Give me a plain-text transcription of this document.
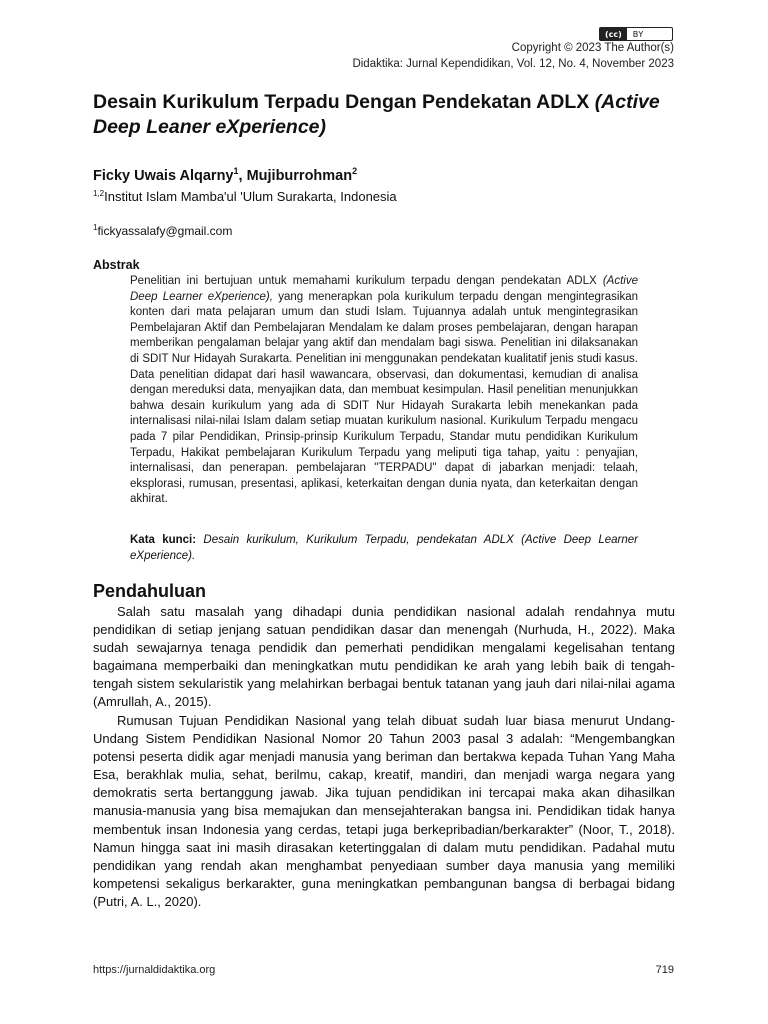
(cc)	BY
Copyright © 2023 The Author(s)
Didaktika: Jurnal Kependidikan, Vol. 12, No. 4, November 2023
Desain Kurikulum Terpadu Dengan Pendekatan ADLX (Active Deep Leaner eXperience)

Ficky Uwais Alqarny$^1$, Mujiburrohman$^2$

$^{1,2}$Institut Islam Mamba'ul 'Ulum Surakarta, Indonesia

$^1$fickyassalafy@gmail.com

Abstrak

Penelitian ini bertujuan untuk memahami kurikulum terpadu dengan pendekatan ADLX (Active Deep Learner eXperience), yang menerapkan pola kurikulum terpadu dengan mengintegrasikan konten dari mata pelajaran umum dan studi Islam. Tujuannya adalah untuk mengintegrasikan Pembelajaran Aktif dan Pembelajaran Mendalam ke dalam proses pembelajaran, dengan harapan memberikan pengalaman belajar yang aktif dan mendalam bagi siswa. Penelitian ini dilaksanakan di SDIT Nur Hidayah Surakarta. Penelitian ini menggunakan pendekatan kualitatif jenis studi kasus. Data penelitian didapat dari hasil wawancara, observasi, dan dokumentasi, kemudian di analisa dengan mereduksi data, menyajikan data, dan membuat kesimpulan. Hasil penelitian menunjukkan bahwa desain kurikulum yang ada di SDIT Nur Hidayah Surakarta lebih menekankan pada internalisasi nilai-nilai Islam dalam setiap muatan kurikulum nasional. Kurikulum Terpadu mengacu pada 7 pilar Pendidikan, Prinsip-prinsip Kurikulum Terpadu, Standar mutu pendidikan Kurikulum Terpadu, Hakikat pembelajaran Kurikulum Terpadu yang meliputi tiga tahap, yaitu : penyajian, internalisasi, dan penerapan. pembelajaran "TERPADU" dapat di jabarkan menjadi: telaah, eksplorasi, rumusan, presentasi, aplikasi, keterkaitan dengan dunia nyata, dan keterkaitan dengan akhirat.

Kata kunci: Desain kurikulum, Kurikulum Terpadu, pendekatan ADLX (Active Deep Learner eXperience).

Pendahuluan

Salah satu masalah yang dihadapi dunia pendidikan nasional adalah rendahnya mutu pendidikan di setiap jenjang satuan pendidikan dasar dan menengah (Nurhuda, H., 2022). Maka sudah sewajarnya tenaga pendidik dan pemerhati pendidikan mengalami kegelisahan tentang bagaimana memperbaiki dan meningkatkan mutu pendidikan ke arah yang lebih baik di tengah-tengah sistem sekularistik yang melahirkan berbagai bentuk tatanan yang jauh dari nilai-nilai agama (Amrullah, A., 2015).

Rumusan Tujuan Pendidikan Nasional yang telah dibuat sudah luar biasa menurut Undang-Undang Sistem Pendidikan Nasional Nomor 20 Tahun 2003 pasal 3 adalah: “Mengembangkan potensi peserta didik agar menjadi manusia yang beriman dan bertakwa kepada Tuhan Yang Maha Esa, berakhlak mulia, sehat, berilmu, cakap, kreatif, mandiri, dan menjadi warga negara yang demokratis serta bertanggung jawab. Jika tujuan pendidikan ini tercapai maka akan dihasilkan manusia-manusia yang bisa memajukan dan mensejahterakan bangsa ini. Pendidikan tidak hanya membentuk insan Indonesia yang cerdas, tetapi juga berkepribadian/berkarakter” (Noor, T., 2018). Namun hingga saat ini masih dirasakan ketertinggalan di dalam mutu pendidikan. Padahal mutu pendidikan yang rendah akan menghambat penyediaan sumber daya manusia yang memiliki kompetensi sekaligus berkarakter, guna meningkatkan pembangunan bangsa di berbagai bidang (Putri, A. L., 2020).

https://jurnaldidaktika.org	719
